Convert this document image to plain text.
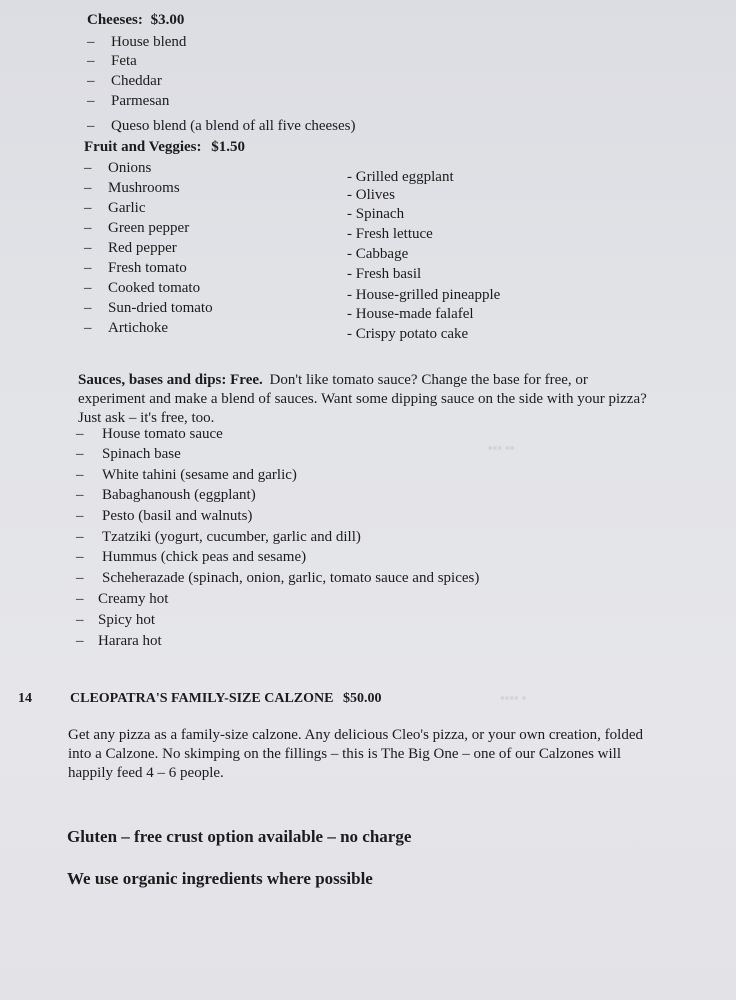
▪▪▪ ▪▪
▪▪▪▪ ▪
Cheeses: $3.00
– House blend
– Feta
– Cheddar
– Parmesan
– Queso blend (a blend of all five cheeses)
Fruit and Veggies: $1.50
– Onions
– Mushrooms
– Garlic
– Green pepper
– Red pepper
– Fresh tomato
– Cooked tomato
– Sun-dried tomato
– Artichoke
- Grilled eggplant
- Olives
- Spinach
- Fresh lettuce
- Cabbage
- Fresh basil
- House-grilled pineapple
- House-made falafel
- Crispy potato cake
Sauces, bases and dips: Free. Don't like tomato sauce? Change the base for free, or
experiment and make a blend of sauces. Want some dipping sauce on the side with your pizza?
Just ask – it's free, too.
– House tomato sauce
– Spinach base
– White tahini (sesame and garlic)
– Babaghanoush (eggplant)
– Pesto (basil and walnuts)
– Tzatziki (yogurt, cucumber, garlic and dill)
– Hummus (chick peas and sesame)
– Scheherazade (spinach, onion, garlic, tomato sauce and spices)
– Creamy hot
– Spicy hot
– Harara hot
14	CLEOPATRA'S FAMILY-SIZE CALZONE $50.00
Get any pizza as a family-size calzone. Any delicious Cleo's pizza, or your own creation, folded
into a Calzone. No skimping on the fillings – this is The Big One – one of our Calzones will
happily feed 4 – 6 people.
Gluten – free crust option available – no charge
We use organic ingredients where possible
